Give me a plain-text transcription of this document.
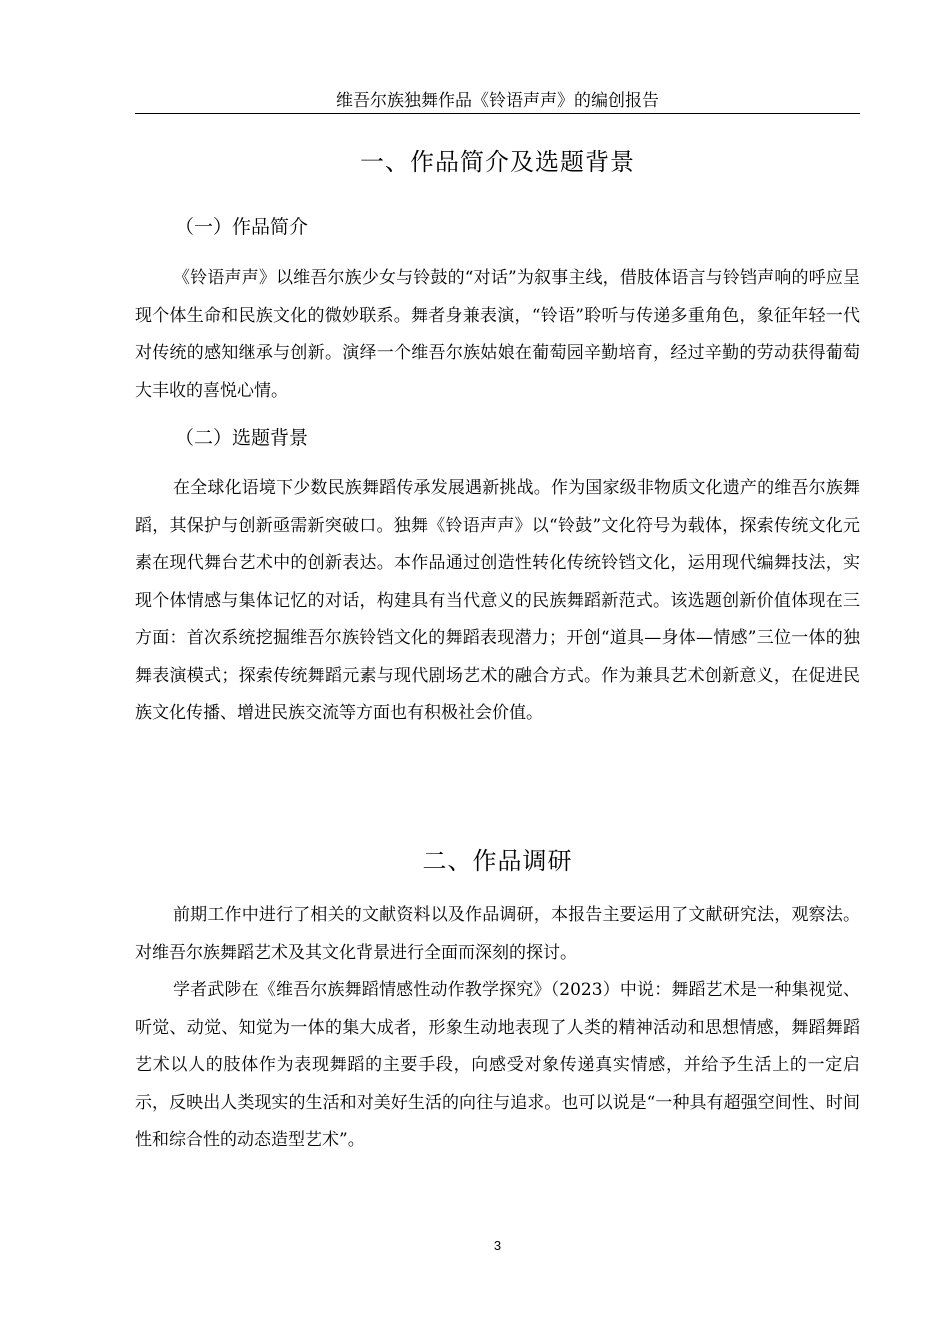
维吾尔族独舞作品《铃语声声》的编创报告
一、作品简介及选题背景
（一）作品简介

《铃语声声》以维吾尔族少女与铃鼓的“对话”为叙事主线，借肢体语言与铃铛声响的呼应呈现个体生命和民族文化的微妙联系。舞者身兼表演，“铃语”聆听与传递多重角色，象征年轻一代对传统的感知继承与创新。演绎一个维吾尔族姑娘在葡萄园辛勤培育，经过辛勤的劳动获得葡萄大丰收的喜悦心情。

（二）选题背景

在全球化语境下少数民族舞蹈传承发展遇新挑战。作为国家级非物质文化遗产的维吾尔族舞蹈，其保护与创新亟需新突破口。独舞《铃语声声》以“铃鼓”文化符号为载体，探索传统文化元素在现代舞台艺术中的创新表达。本作品通过创造性转化传统铃铛文化，运用现代编舞技法，实现个体情感与集体记忆的对话，构建具有当代意义的民族舞蹈新范式。该选题创新价值体现在三方面：首次系统挖掘维吾尔族铃铛文化的舞蹈表现潜力；开创“道具—身体—情感”三位一体的独舞表演模式；探索传统舞蹈元素与现代剧场艺术的融合方式。作为兼具艺术创新意义，在促进民族文化传播、增进民族交流等方面也有积极社会价值。

二、作品调研

前期工作中进行了相关的文献资料以及作品调研，本报告主要运用了文献研究法，观察法。对维吾尔族舞蹈艺术及其文化背景进行全面而深刻的探讨。

学者武陟在《维吾尔族舞蹈情感性动作教学探究》（2023）中说：舞蹈艺术是一种集视觉、听觉、动觉、知觉为一体的集大成者，形象生动地表现了人类的精神活动和思想情感，舞蹈舞蹈艺术以人的肢体作为表现舞蹈的主要手段，向感受对象传递真实情感，并给予生活上的一定启示，反映出人类现实的生活和对美好生活的向往与追求。也可以说是“一种具有超强空间性、时间性和综合性的动态造型艺术”。

3
